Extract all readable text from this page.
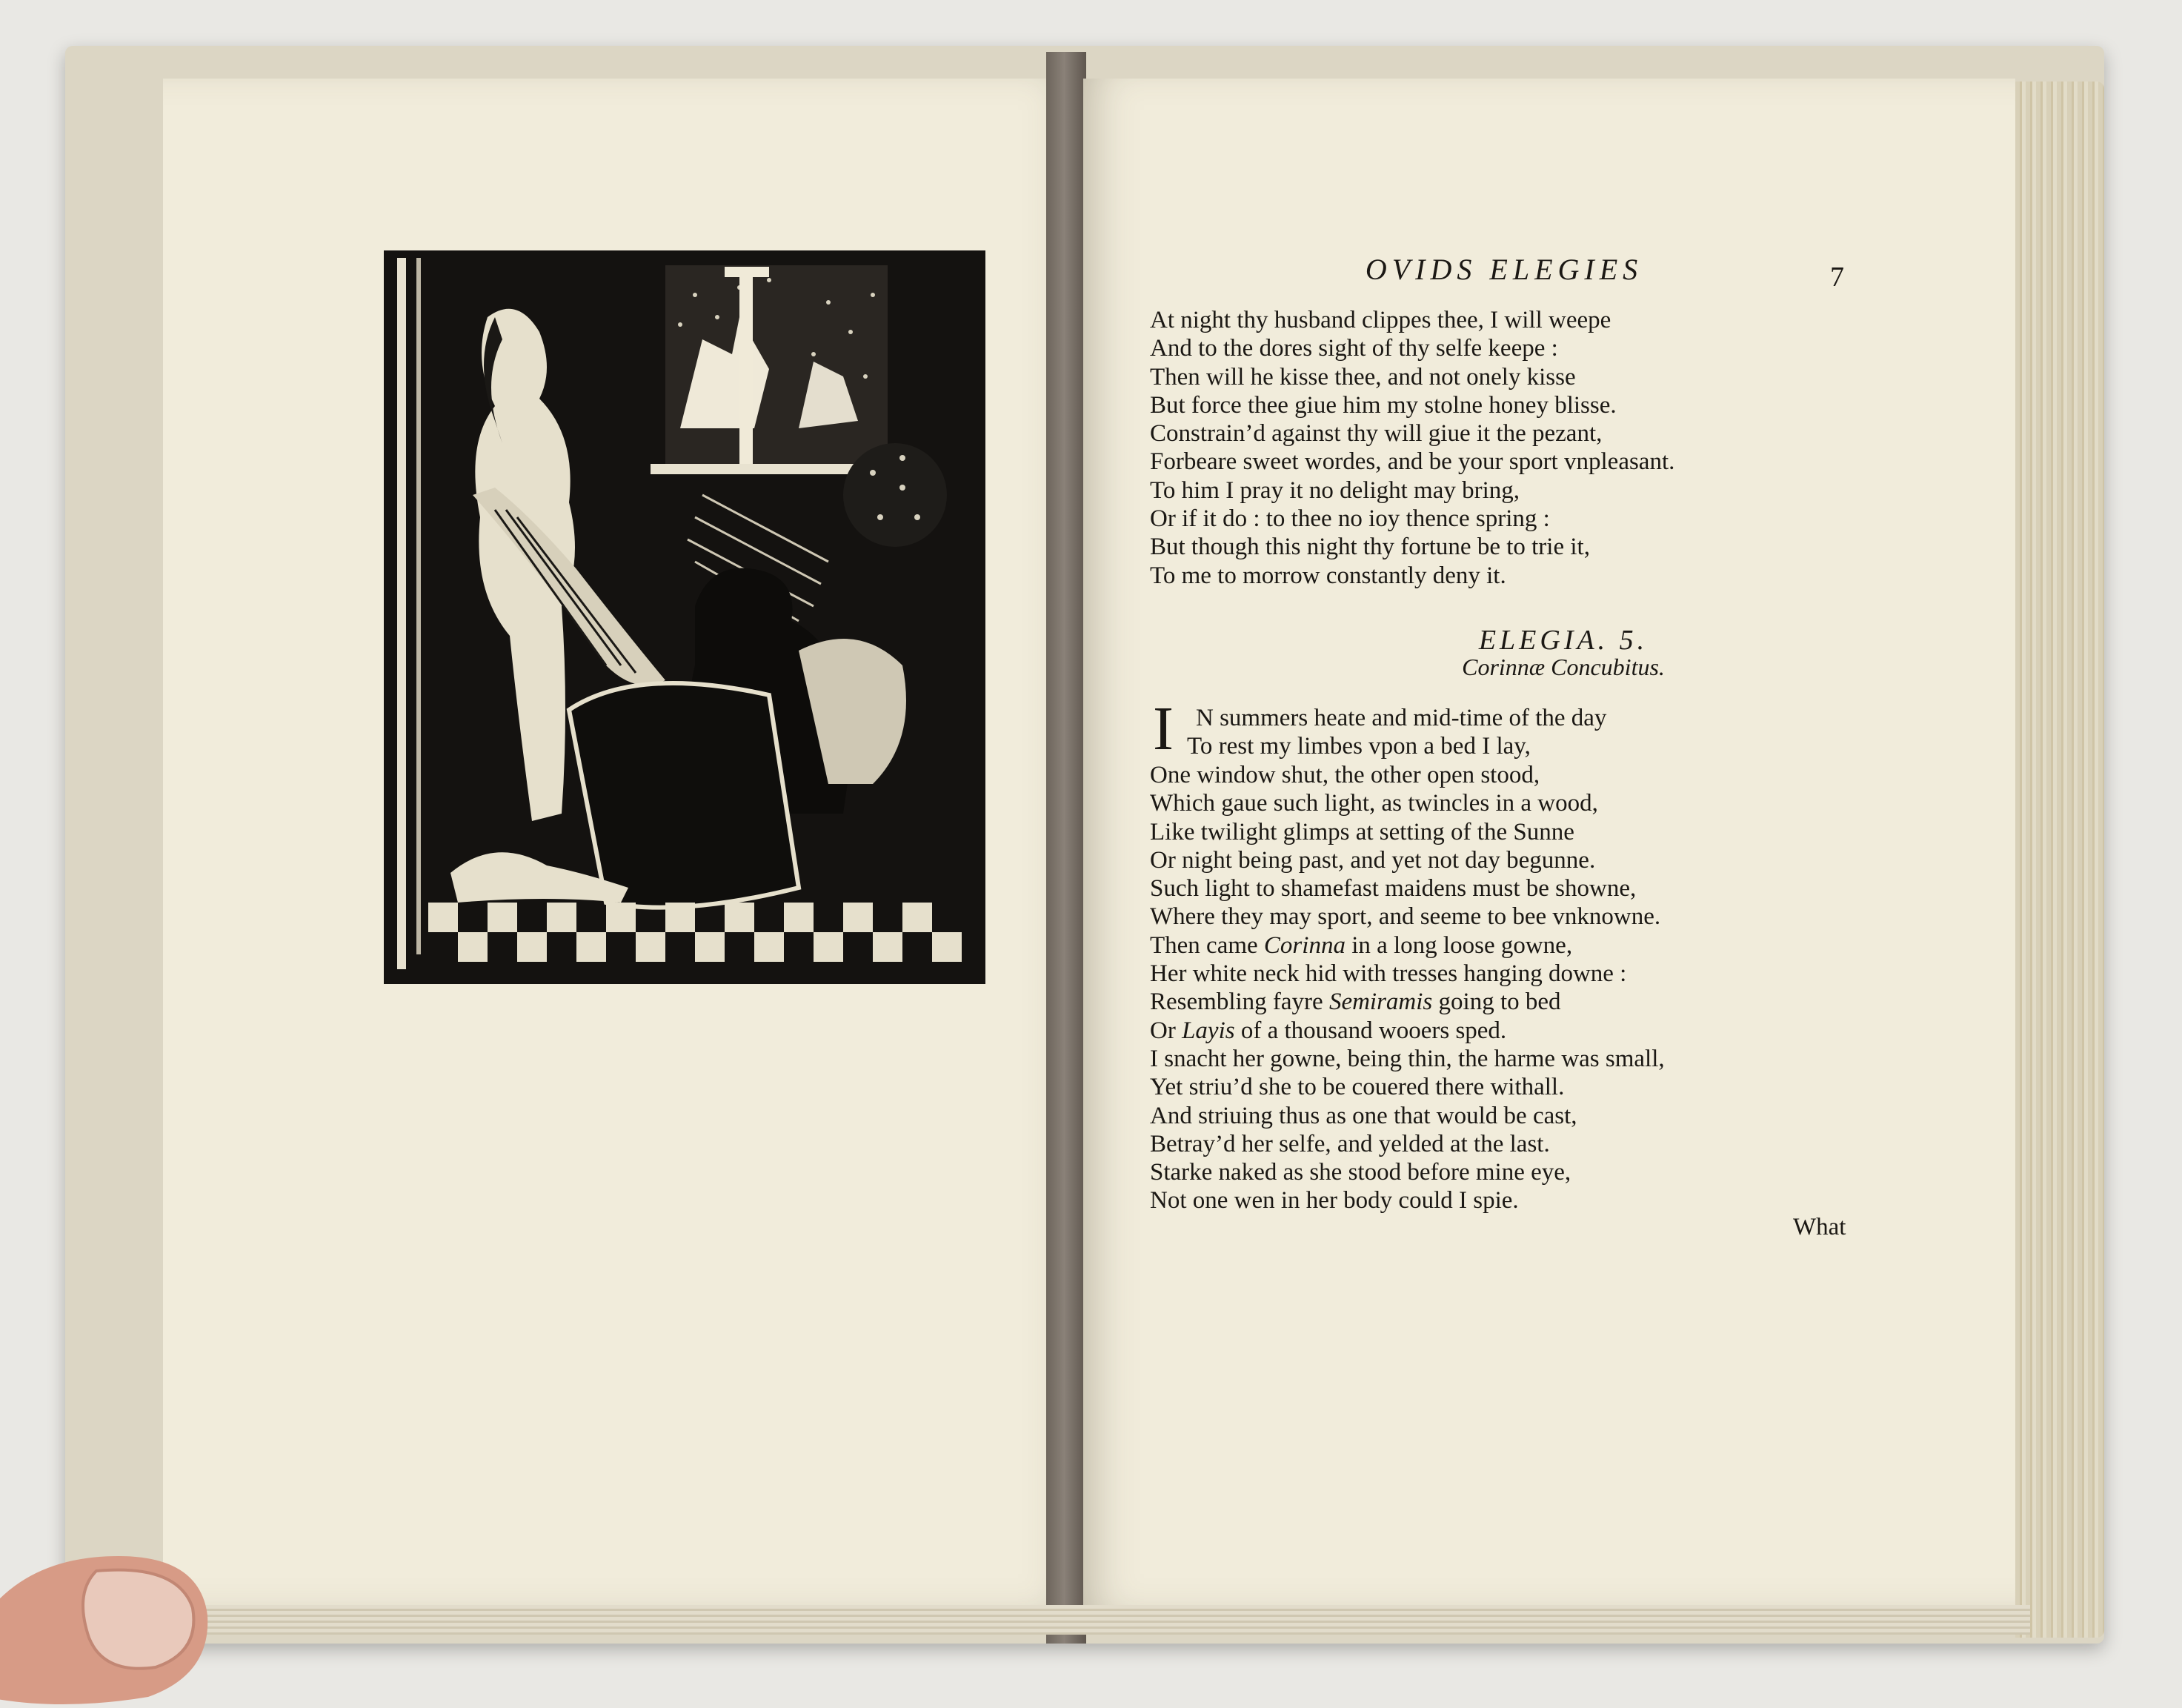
OVIDS ELEGIES	7
At night thy husband clippes thee, I will weepe
And to the dores sight of thy selfe keepe :
Then will he kisse thee, and not onely kisse
But force thee giue him my stolne honey blisse.
Constrain’d against thy will giue it the pezant,
Forbeare sweet wordes, and be your sport vnpleasant.
To him I pray it no delight may bring,
Or if it do : to thee no ioy thence spring :
But though this night thy fortune be to trie it,
To me to morrow constantly deny it.
ELEGIA. 5.
Corinnæ Concubitus.
I N summers heate and mid-time of the day
To rest my limbes vpon a bed I lay,
One window shut, the other open stood,
Which gaue such light, as twincles in a wood,
Like twilight glimps at setting of the Sunne
Or night being past, and yet not day begunne.
Such light to shamefast maidens must be showne,
Where they may sport, and seeme to bee vnknowne.
Then came Corinna in a long loose gowne,
Her white neck hid with tresses hanging downe :
Resembling fayre Semiramis going to bed
Or Layis of a thousand wooers sped.
I snacht her gowne, being thin, the harme was small,
Yet striu’d she to be couered there withall.
And striuing thus as one that would be cast,
Betray’d her selfe, and yelded at the last.
Starke naked as she stood before mine eye,
Not one wen in her body could I spie.
What
